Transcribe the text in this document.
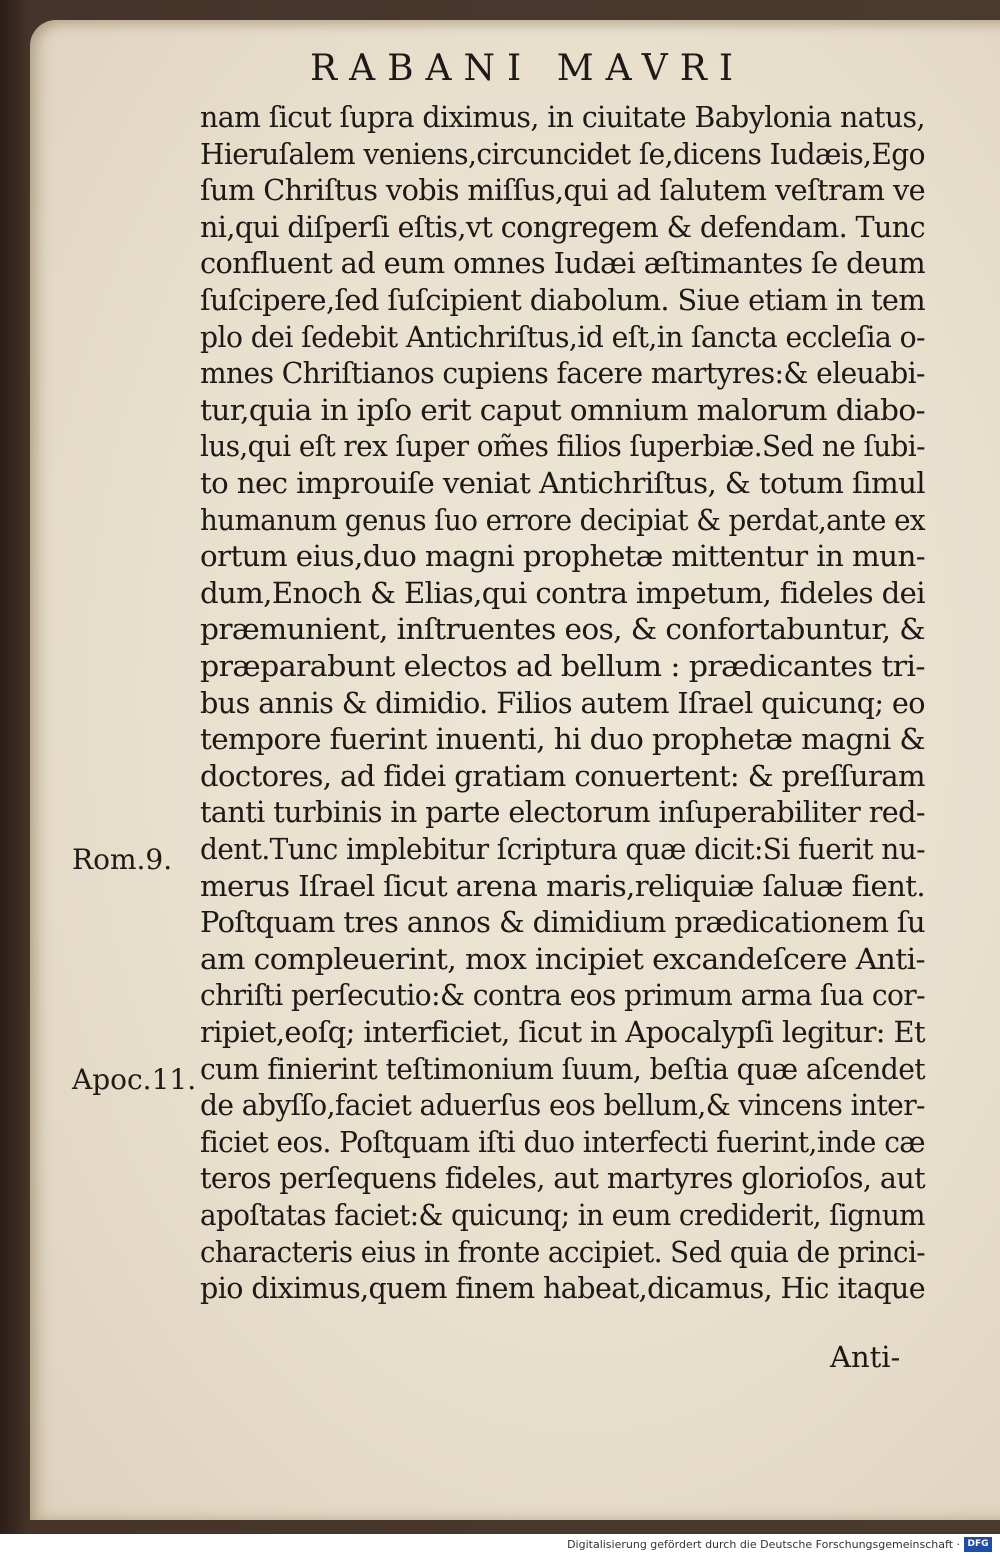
RABANI MAVRI
nam ſicut ſupra diximus, in ciuitate Babylonia natus,
Hieruſalem veniens,circuncidet ſe,dicens Iudæis,Ego
ſum Chriſtus vobis miſſus,qui ad ſalutem veſtram ve
ni,qui diſperſi eſtis,vt congregem & defendam. Tunc
confluent ad eum omnes Iudæi æſtimantes ſe deum
ſuſcipere,ſed ſuſcipient diabolum. Siue etiam in tem
plo dei ſedebit Antichriſtus,id eſt,in ſancta eccleſia o-
mnes Chriſtianos cupiens facere martyres:& eleuabi-
tur,quia in ipſo erit caput omnium malorum diabo-
lus,qui eſt rex ſuper om̃es filios ſuperbiæ.Sed ne ſubi-
to nec improuiſe veniat Antichriſtus, & totum ſimul
humanum genus ſuo errore decipiat & perdat,ante ex
ortum eius,duo magni prophetæ mittentur in mun-
dum,Enoch & Elias,qui contra impetum, fideles dei
præmunient, inſtruentes eos, & confortabuntur, &
præparabunt electos ad bellum : prædicantes tri-
bus annis & dimidio. Filios autem Iſrael quicunq; eo
tempore fuerint inuenti, hi duo prophetæ magni &
doctores, ad fidei gratiam conuertent: & preſſuram
tanti turbinis in parte electorum inſuperabiliter red-
dent.Tunc implebitur ſcriptura quæ dicit:Si fuerit nu-
merus Iſrael ſicut arena maris,reliquiæ ſaluæ fient.
Poſtquam tres annos & dimidium prædicationem ſu
am compleuerint, mox incipiet excandeſcere Anti-
chriſti perſecutio:& contra eos primum arma ſua cor-
ripiet,eoſq; interficiet, ſicut in Apocalypſi legitur: Et
cum finierint teſtimonium ſuum, beſtia quæ aſcendet
de abyſſo,faciet aduerſus eos bellum,& vincens inter-
ficiet eos. Poſtquam iſti duo interfecti fuerint,inde cæ
teros perſequens fideles, aut martyres glorioſos, aut
apoſtatas faciet:& quicunq; in eum crediderit, ſignum
characteris eius in fronte accipiet. Sed quia de princi-
pio diximus,quem finem habeat,dicamus, Hic itaque
Rom.9.
Apoc.11.
Anti-
Digitalisierung gefördert durch die Deutsche Forschungsgemeinschaft · DFG
